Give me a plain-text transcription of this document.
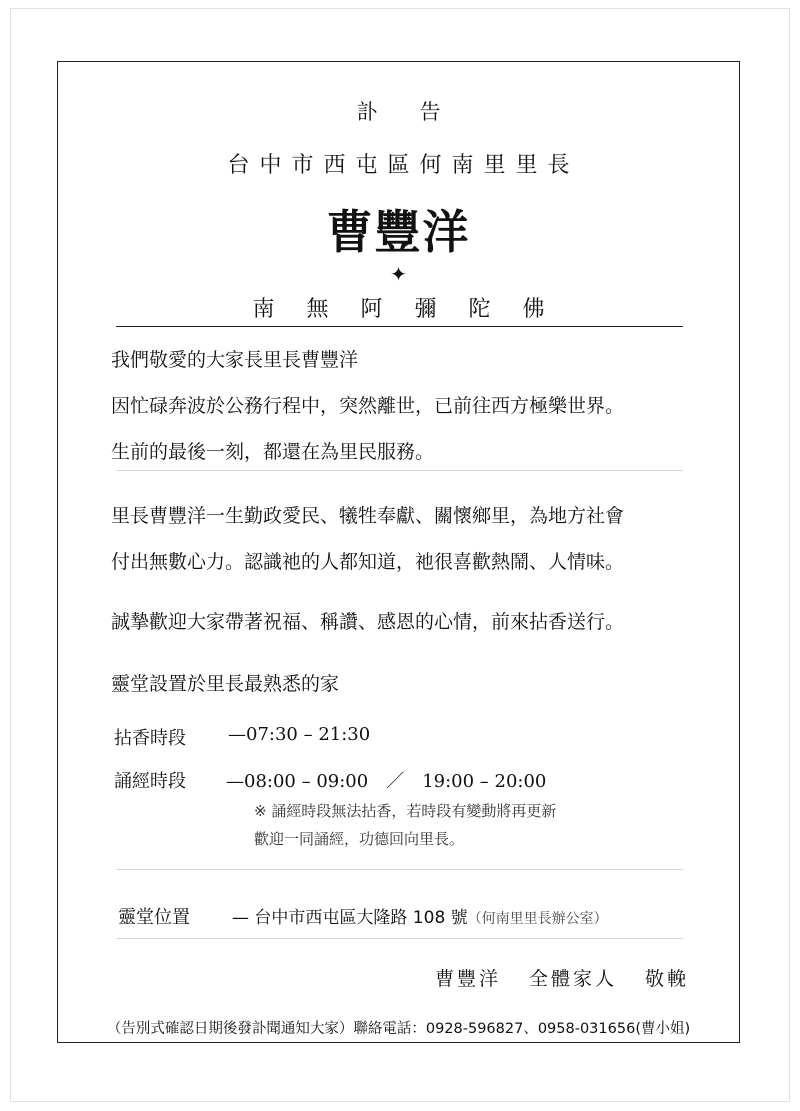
訃告
台中市西屯區何南里里長
曹豐洋
✦
南無阿彌陀佛
我們敬愛的大家長里長曹豐洋
因忙碌奔波於公務行程中，突然離世，已前往西方極樂世界。
生前的最後一刻，都還在為里民服務。
里長曹豐洋一生勤政愛民、犧牲奉獻、關懷鄉里，為地方社會
付出無數心力。認識祂的人都知道，祂很喜歡熱鬧、人情味。
誠摯歡迎大家帶著祝福、稱讚、感恩的心情，前來拈香送行。
靈堂設置於里長最熟悉的家
拈香時段 —07:30 – 21:30
誦經時段 —08:00 – 09:00　／　19:00 – 20:00
※ 誦經時段無法拈香，若時段有變動將再更新
歡迎一同誦經，功德回向里長。
靈堂位置 — 台中市西屯區大隆路 108 號（何南里里長辦公室）
曹豐洋 全體家人 敬輓
（告別式確認日期後發訃聞通知大家）聯絡電話：0928-596827、0958-031656(曹小姐)
